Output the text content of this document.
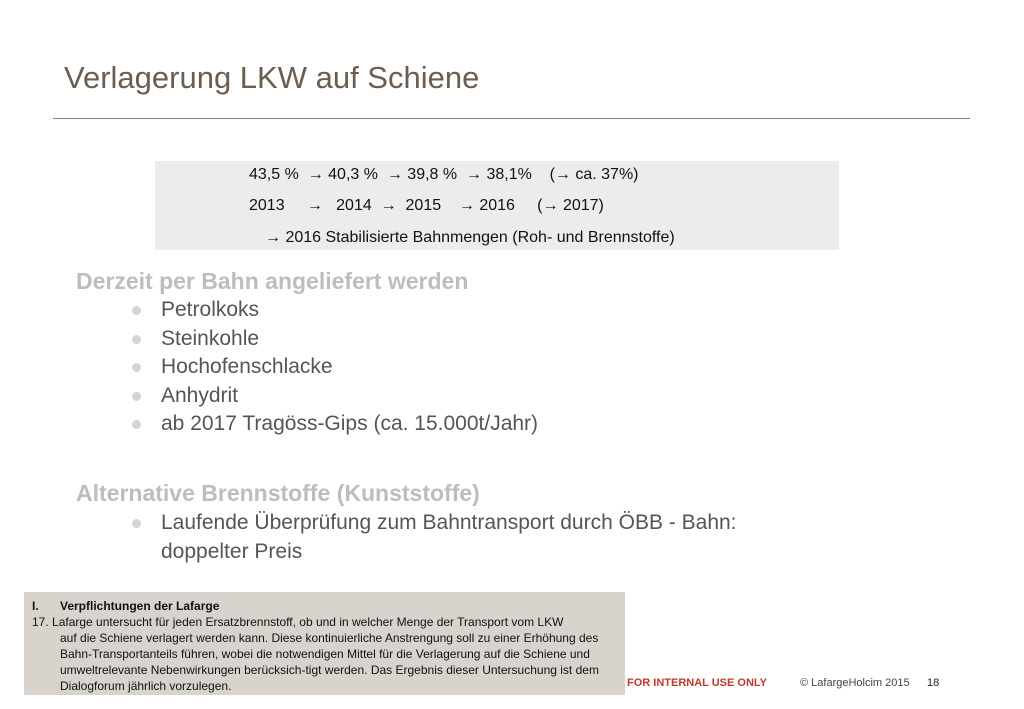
Verlagerung LKW auf Schiene
43,5 %  → 40,3 %  → 39,8 %  → 38,1%    (→ ca. 37%)
2013     →   2014  →  2015    → 2016     (→ 2017)
→ 2016 Stabilisierte Bahnmengen (Roh- und Brennstoffe)
Derzeit per Bahn angeliefert werden
Petrolkoks
Steinkohle
Hochofenschlacke
Anhydrit
ab 2017 Tragöss-Gips (ca. 15.000t/Jahr)
Alternative Brennstoffe (Kunststoffe)
Laufende Überprüfung zum Bahntransport durch ÖBB - Bahn:
doppelter Preis
I. Verpflichtungen der Lafarge
17. Lafarge untersucht für jeden Ersatzbrennstoff, ob und in welcher Menge der Transport vom LKW
auf die Schiene verlagert werden kann. Diese kontinuierliche Anstrengung soll zu einer Erhöhung des Bahn-Transportanteils führen, wobei die notwendigen Mittel für die Verlagerung auf die Schiene und umweltrelevante Nebenwirkungen berücksich-tigt werden. Das Ergebnis dieser Untersuchung ist dem Dialogforum jährlich vorzulegen.	FOR INTERNAL USE ONLY	© LafargeHolcim 2015 18
